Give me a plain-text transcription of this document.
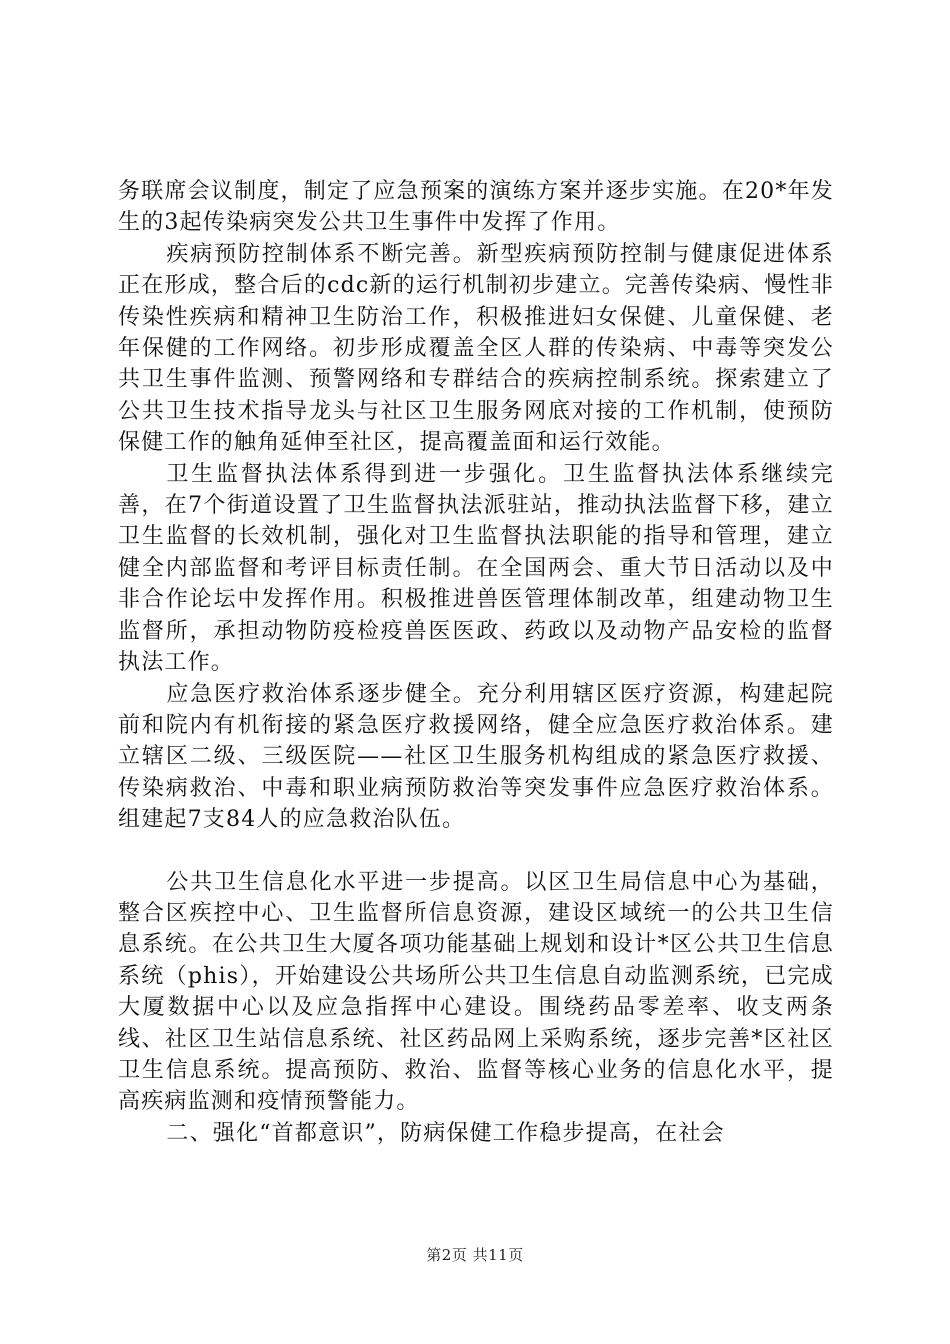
务联席会议制度，制定了应急预案的演练方案并逐步实施。在20*年发生的3起传染病突发公共卫生事件中发挥了作用。

疾病预防控制体系不断完善。新型疾病预防控制与健康促进体系正在形成，整合后的cdc新的运行机制初步建立。完善传染病、慢性非传染性疾病和精神卫生防治工作，积极推进妇女保健、儿童保健、老年保健的工作网络。初步形成覆盖全区人群的传染病、中毒等突发公共卫生事件监测、预警网络和专群结合的疾病控制系统。探索建立了公共卫生技术指导龙头与社区卫生服务网底对接的工作机制，使预防保健工作的触角延伸至社区，提高覆盖面和运行效能。

卫生监督执法体系得到进一步强化。卫生监督执法体系继续完善，在7个街道设置了卫生监督执法派驻站，推动执法监督下移，建立卫生监督的长效机制，强化对卫生监督执法职能的指导和管理，建立健全内部监督和考评目标责任制。在全国两会、重大节日活动以及中非合作论坛中发挥作用。积极推进兽医管理体制改革，组建动物卫生监督所，承担动物防疫检疫兽医医政、药政以及动物产品安检的监督执法工作。

应急医疗救治体系逐步健全。充分利用辖区医疗资源，构建起院前和院内有机衔接的紧急医疗救援网络，健全应急医疗救治体系。建立辖区二级、三级医院——社区卫生服务机构组成的紧急医疗救援、传染病救治、中毒和职业病预防救治等突发事件应急医疗救治体系。组建起7支84人的应急救治队伍。

公共卫生信息化水平进一步提高。以区卫生局信息中心为基础，整合区疾控中心、卫生监督所信息资源，建设区域统一的公共卫生信息系统。在公共卫生大厦各项功能基础上规划和设计*区公共卫生信息系统（phis），开始建设公共场所公共卫生信息自动监测系统，已完成大厦数据中心以及应急指挥中心建设。围绕药品零差率、收支两条线、社区卫生站信息系统、社区药品网上采购系统，逐步完善*区社区卫生信息系统。提高预防、救治、监督等核心业务的信息化水平，提高疾病监测和疫情预警能力。

二、强化“首都意识”，防病保健工作稳步提高，在社会

第2页 共11页
